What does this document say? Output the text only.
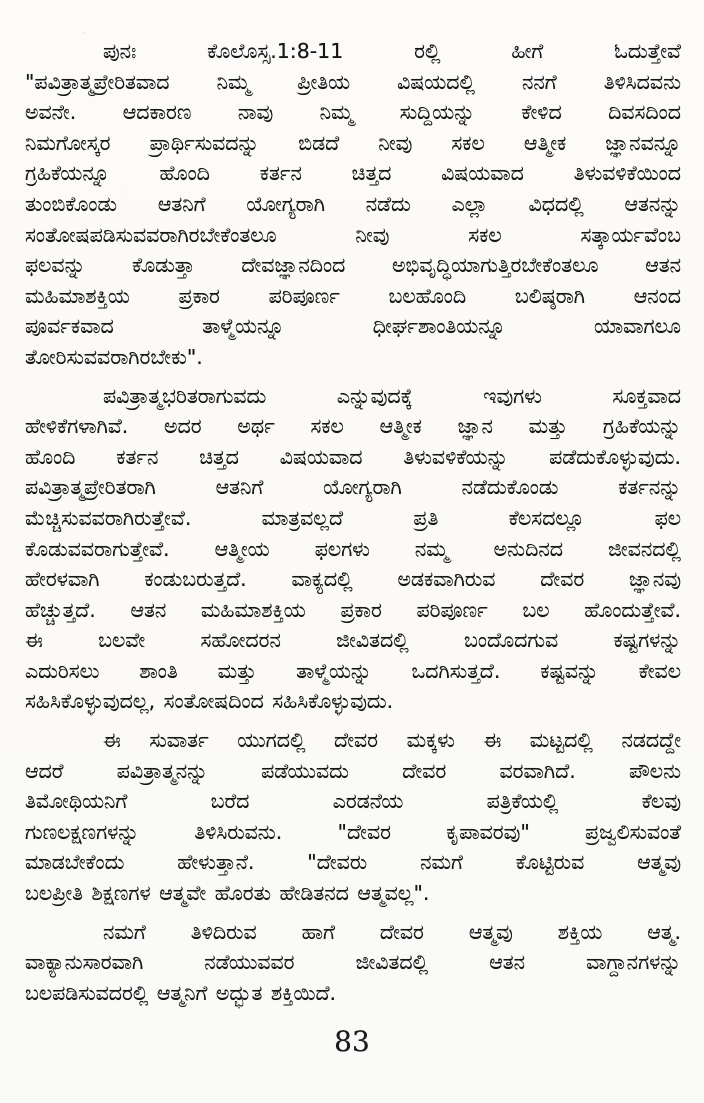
ಪುನಃ ಕೊಲೊಸ್ಸ.1:8-11 ರಲ್ಲಿ ಹೀಗೆ ಓದುತ್ತೇವೆ
"ಪವಿತ್ರಾತ್ಮಪ್ರೇರಿತವಾದ ನಿಮ್ಮ ಪ್ರೀತಿಯ ವಿಷಯದಲ್ಲಿ ನನಗೆ ತಿಳಿಸಿದವನು
ಅವನೇ. ಆದಕಾರಣ ನಾವು ನಿಮ್ಮ ಸುದ್ದಿಯನ್ನು ಕೇಳಿದ ದಿವಸದಿಂದ
ನಿಮಗೋಸ್ಕರ ಪ್ರಾರ್ಥಿಸುವದನ್ನು ಬಿಡದೆ ನೀವು ಸಕಲ ಆತ್ಮೀಕ ಜ್ಞಾನವನ್ನೂ
ಗ್ರಹಿಕೆಯನ್ನೂ ಹೊಂದಿ ಕರ್ತನ ಚಿತ್ತದ ವಿಷಯವಾದ ತಿಳುವಳಿಕೆಯಿಂದ
ತುಂಬಿಕೊಂಡು ಆತನಿಗೆ ಯೋಗ್ಯರಾಗಿ ನಡೆದು ಎಲ್ಲಾ ವಿಧದಲ್ಲಿ ಆತನನ್ನು
ಸಂತೋಷಪಡಿಸುವವರಾಗಿರಬೇಕೆಂತಲೂ ನೀವು ಸಕಲ ಸತ್ಕಾರ್ಯವೆಂಬ
ಫಲವನ್ನು ಕೊಡುತ್ತಾ ದೇವಜ್ಞಾನದಿಂದ ಅಭಿವೃದ್ಧಿಯಾಗುತ್ತಿರಬೇಕೆಂತಲೂ ಆತನ
ಮಹಿಮಾಶಕ್ತಿಯ ಪ್ರಕಾರ ಪರಿಪೂರ್ಣ ಬಲಹೊಂದಿ ಬಲಿಷ್ಠರಾಗಿ ಆನಂದ
ಪೂರ್ವಕವಾದ ತಾಳ್ಮೆಯನ್ನೂ ಧೀರ್ಘಶಾಂತಿಯನ್ನೂ ಯಾವಾಗಲೂ
ತೋರಿಸುವವರಾಗಿರಬೇಕು".

ಪವಿತ್ರಾತ್ಮಭರಿತರಾಗುವದು ಎನ್ನುವುದಕ್ಕೆ ಇವುಗಳು ಸೂಕ್ತವಾದ
ಹೇಳಿಕೆಗಳಾಗಿವೆ. ಅದರ ಅರ್ಥ ಸಕಲ ಆತ್ಮೀಕ ಜ್ಞಾನ ಮತ್ತು ಗ್ರಹಿಕೆಯನ್ನು
ಹೊಂದಿ ಕರ್ತನ ಚಿತ್ತದ ವಿಷಯವಾದ ತಿಳುವಳಿಕೆಯನ್ನು ಪಡೆದುಕೊಳ್ಳುವುದು.
ಪವಿತ್ರಾತ್ಮಪ್ರೇರಿತರಾಗಿ ಆತನಿಗೆ ಯೋಗ್ಯರಾಗಿ ನಡೆದುಕೊಂಡು ಕರ್ತನನ್ನು
ಮೆಚ್ಚಿಸುವವರಾಗಿರುತ್ತೇವೆ. ಮಾತ್ರವಲ್ಲದೆ ಪ್ರತಿ ಕೆಲಸದಲ್ಲೂ ಫಲ
ಕೊಡುವವರಾಗುತ್ತೇವೆ. ಆತ್ಮೀಯ ಫಲಗಳು ನಮ್ಮ ಅನುದಿನದ ಜೀವನದಲ್ಲಿ
ಹೇರಳವಾಗಿ ಕಂಡುಬರುತ್ತದೆ. ವಾಕ್ಯದಲ್ಲಿ ಅಡಕವಾಗಿರುವ ದೇವರ ಜ್ಞಾನವು
ಹೆಚ್ಚುತ್ತದೆ. ಆತನ ಮಹಿಮಾಶಕ್ತಿಯ ಪ್ರಕಾರ ಪರಿಪೂರ್ಣ ಬಲ ಹೊಂದುತ್ತೇವೆ.
ಈ ಬಲವೇ ಸಹೋದರನ ಜೀವಿತದಲ್ಲಿ ಬಂದೊದಗುವ ಕಷ್ಟಗಳನ್ನು
ಎದುರಿಸಲು ಶಾಂತಿ ಮತ್ತು ತಾಳ್ಮೆಯನ್ನು ಒದಗಿಸುತ್ತದೆ. ಕಷ್ಟವನ್ನು ಕೇವಲ
ಸಹಿಸಿಕೊಳ್ಳುವುದಲ್ಲ, ಸಂತೋಷದಿಂದ ಸಹಿಸಿಕೊಳ್ಳುವುದು.

ಈ ಸುವಾರ್ತ ಯುಗದಲ್ಲಿ ದೇವರ ಮಕ್ಕಳು ಈ ಮಟ್ಟದಲ್ಲಿ ನಡದದ್ದೇ
ಆದರೆ ಪವಿತ್ರಾತ್ಮನನ್ನು ಪಡೆಯುವದು ದೇವರ ವರವಾಗಿದೆ. ಪೌಲನು
ತಿಮೋಥಿಯನಿಗೆ ಬರೆದ ಎರಡನೆಯ ಪತ್ರಿಕೆಯಲ್ಲಿ ಕೆಲವು
ಗುಣಲಕ್ಷಣಗಳನ್ನು ತಿಳಿಸಿರುವನು. "ದೇವರ ಕೃಪಾವರವು" ಪ್ರಜ್ವಲಿಸುವಂತೆ
ಮಾಡಬೇಕೆಂದು ಹೇಳುತ್ತಾನೆ. "ದೇವರು ನಮಗೆ ಕೊಟ್ಟಿರುವ ಆತ್ಮವು
ಬಲಪ್ರೀತಿ ಶಿಕ್ಷಣಗಳ ಆತ್ಮವೇ ಹೊರತು ಹೇಡಿತನದ ಆತ್ಮವಲ್ಲ".

ನಮಗೆ ತಿಳಿದಿರುವ ಹಾಗೆ ದೇವರ ಆತ್ಮವು ಶಕ್ತಿಯ ಆತ್ಮ.
ವಾಕ್ಯಾನುಸಾರವಾಗಿ ನಡೆಯುವವರ ಜೀವಿತದಲ್ಲಿ ಆತನ ವಾಗ್ದಾನಗಳನ್ನು
ಬಲಪಡಿಸುವದರಲ್ಲಿ ಆತ್ಮನಿಗೆ ಅದ್ಭುತ ಶಕ್ತಿಯಿದೆ.

83
